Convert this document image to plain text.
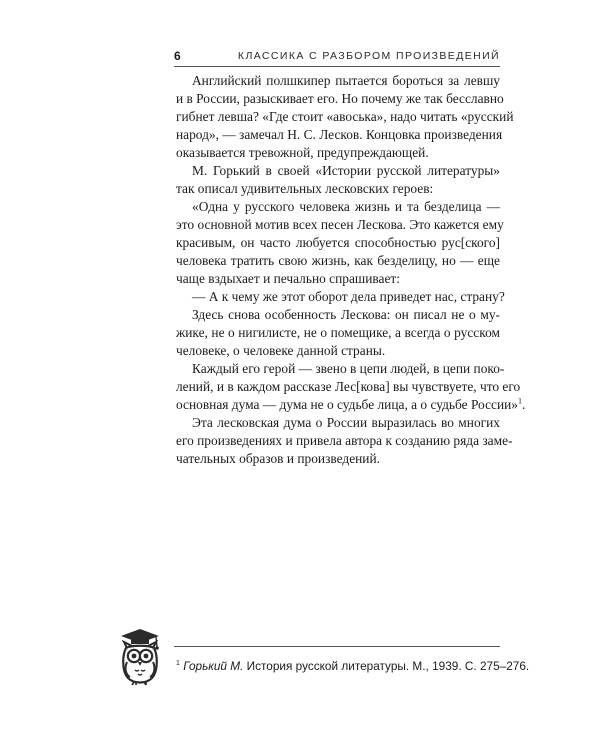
6	КЛАССИКА С РАЗБОРОМ ПРОИЗВЕДЕНИЙ
Английский полшкипер пытается бороться за левшу
и в России, разыскивает его. Но почему же так бесславно
гибнет левша? «Где стоит «авоська», надо читать «русский
народ», — замечал Н. С. Лесков. Концовка произведения
оказывается тревожной, предупреждающей.
М. Горький в своей «Истории русской литературы»
так описал удивительных лесковских героев:
«Одна у русского человека жизнь и та безделица —
это основной мотив всех песен Лескова. Это кажется ему
красивым, он часто любуется способностью рус[ского]
человека тратить свою жизнь, как безделицу, но — еще
чаще вздыхает и печально спрашивает:
— А к чему же этот оборот дела приведет нас, страну?
Здесь снова особенность Лескова: он писал не о му-
жике, не о нигилисте, не о помещике, а всегда о русском
человеке, о человеке данной страны.
Каждый его герой — звено в цепи людей, в цепи поко-
лений, и в каждом рассказе Лес[кова] вы чувствуете, что его
основная дума — дума не о судьбе лица, а о судьбе России»$^1$.
Эта лесковская дума о России выразилась во многих
его произведениях и привела автора к созданию ряда заме-
чательных образов и произведений.
$^1$ Горький М. История русской литературы. М., 1939. С. 275–276.
